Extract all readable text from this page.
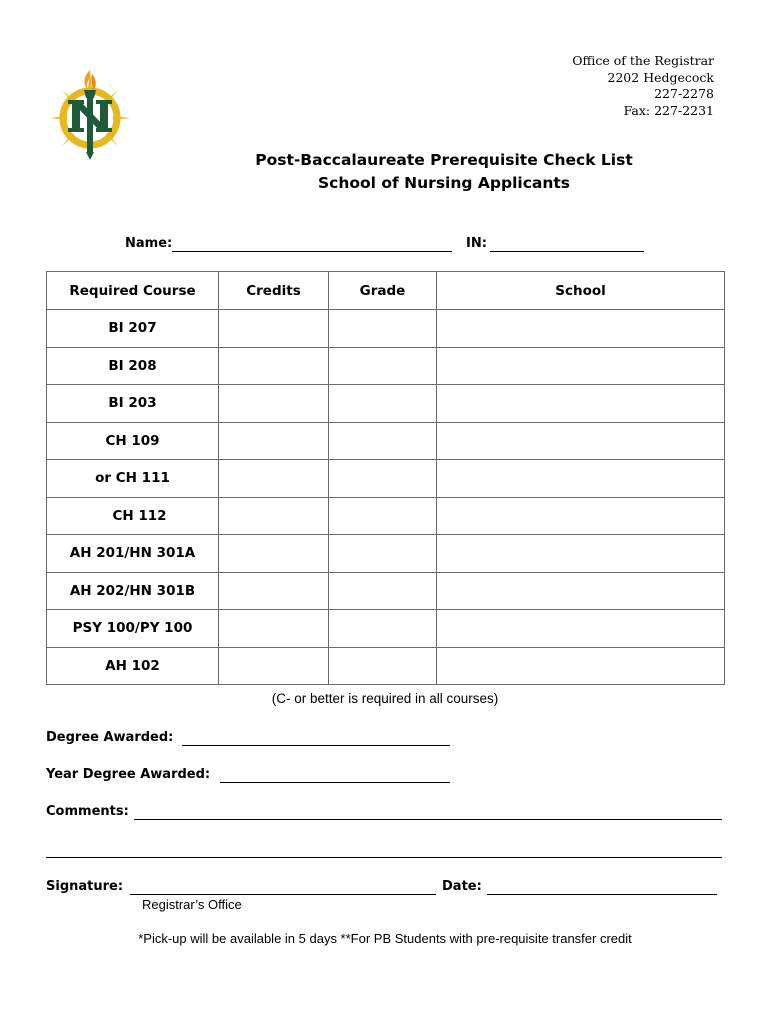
Office of the Registrar
2202 Hedgecock
227-2278
Fax: 227-2231
Post-Baccalaureate Prerequisite Check List
School of Nursing Applicants
Name:	IN:
Required Course	Credits	Grade	School
BI 207			
BI 208			
BI 203			
CH 109			
or CH 111			
CH 112			
AH 201/HN 301A			
AH 202/HN 301B			
PSY 100/PY 100			
AH 102			
(C- or better is required in all courses)
Degree Awarded:
Year Degree Awarded:
Comments:
Signature:	Date:
Registrar’s Office
*Pick-up will be available in 5 days **For PB Students with pre-requisite transfer credit
